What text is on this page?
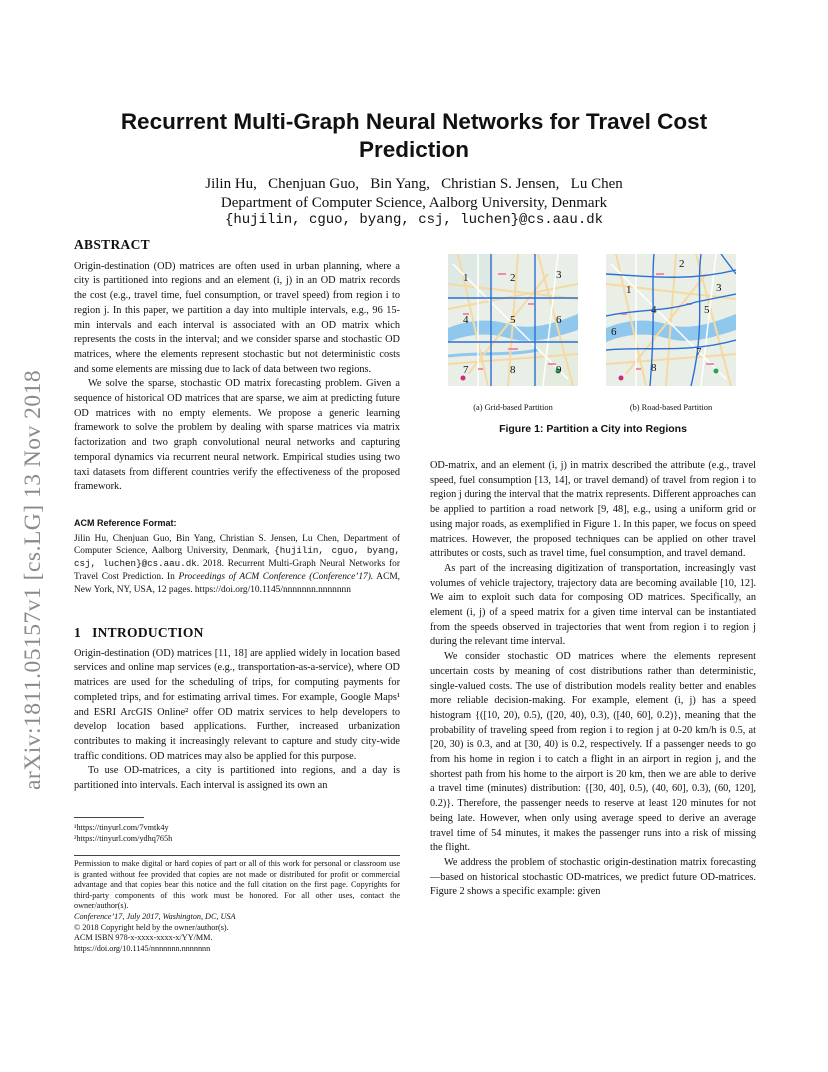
arXiv:1811.05157v1 [cs.LG] 13 Nov 2018
Recurrent Multi-Graph Neural Networks for Travel Cost
Prediction
Jilin Hu,   Chenjuan Guo,   Bin Yang,   Christian S. Jensen,   Lu Chen
Department of Computer Science, Aalborg University, Denmark
{hujilin, cguo, byang, csj, luchen}@cs.aau.dk
ABSTRACT

Origin-destination (OD) matrices are often used in urban planning, where a city is partitioned into regions and an element (i, j) in an OD matrix records the cost (e.g., travel time, fuel consumption, or travel speed) from region i to region j. In this paper, we partition a day into multiple intervals, e.g., 96 15-min intervals and each interval is associated with an OD matrix which represents the costs in the interval; and we consider sparse and stochastic OD matrices, where the elements represent stochastic but not deterministic costs and some elements are missing due to lack of data between two regions.

We solve the sparse, stochastic OD matrix forecasting problem. Given a sequence of historical OD matrices that are sparse, we aim at predicting future OD matrices with no empty elements. We propose a generic learning framework to solve the problem by dealing with sparse matrices via matrix factorization and two graph convolutional neural networks and capturing temporal dynamics via recurrent neural network. Empirical studies using two taxi datasets from different countries verify the effectiveness of the proposed framework.

ACM Reference Format:
Jilin Hu, Chenjuan Guo, Bin Yang, Christian S. Jensen, Lu Chen, Department of Computer Science, Aalborg University, Denmark, {hujilin, cguo, byang, csj, luchen}@cs.aau.dk. 2018. Recurrent Multi-Graph Neural Networks for Travel Cost Prediction. In Proceedings of ACM Conference (Conference’17). ACM, New York, NY, USA, 12 pages. https://doi.org/10.1145/nnnnnnn.nnnnnnn
1   INTRODUCTION

Origin-destination (OD) matrices [11, 18] are applied widely in location based services and online map services (e.g., transportation-as-a-service), where OD matrices are used for the scheduling of trips, for computing payments for completed trips, and for estimating arrival times. For example, Google Maps¹ and ESRI ArcGIS Online² offer OD matrix services to help developers to develop location based applications. Further, increased urbanization contributes to making it increasingly relevant to capture and study city-wide traffic conditions. OD matrices may also be applied for this purpose.

To use OD-matrices, a city is partitioned into regions, and a day is partitioned into intervals. Each interval is assigned its own an

¹https://tinyurl.com/7vmtk4y
²https://tinyurl.com/ydhq765h
Permission to make digital or hard copies of part or all of this work for personal or classroom use is granted without fee provided that copies are not made or distributed for profit or commercial advantage and that copies bear this notice and the full citation on the first page. Copyrights for third-party components of this work must be honored. For all other uses, contact the owner/author(s).
Conference’17, July 2017, Washington, DC, USA
© 2018 Copyright held by the owner/author(s).
ACM ISBN 978-x-xxxx-xxxx-x/YY/MM.
https://doi.org/10.1145/nnnnnnn.nnnnnnn
1	2	3
4	5	6
7	8	9
1
2
3
4	5
6
7
8
(a) Grid-based Partition	(b) Road-based Partition
Figure 1: Partition a City into Regions

OD-matrix, and an element (i, j) in matrix described the attribute (e.g., travel speed, fuel consumption [13, 14], or travel demand) of travel from region i to region j during the interval that the matrix represents. Different approaches can be applied to partition a road network [9, 48], e.g., using a uniform grid or using major roads, as exemplified in Figure 1. In this paper, we focus on speed matrices. However, the proposed techniques can be applied on other travel attributes or costs, such as travel time, fuel consumption, and travel demand.

As part of the increasing digitization of transportation, increasingly vast volumes of vehicle trajectory, trajectory data are becoming available [10, 12]. We aim to exploit such data for composing OD matrices. Specifically, an element (i, j) of a speed matrix for a given time interval can be instantiated from the speeds observed in trajectories that went from region i to region j during the relevant time interval.

We consider stochastic OD matrices where the elements represent uncertain costs by meaning of cost distributions rather than deterministic, single-valued costs. The use of distribution models reality better and enables more reliable decision-making. For example, element (i, j) has a speed histogram {([10, 20), 0.5), ([20, 40), 0.3), ([40, 60], 0.2)}, meaning that the probability of traveling speed from region i to region j at 0-20 km/h is 0.5, at [20, 30) is 0.3, and at [30, 40) is 0.2, respectively. If a passenger needs to go from his home in region i to catch a flight in an airport in region j, and the shortest path from his home to the airport is 20 km, then we are able to derive a travel time (minutes) distribution: {[30, 40], 0.5), (40, 60], 0.3), (60, 120], 0.2)}. Therefore, the passenger needs to reserve at least 120 minutes for not being late. However, when only using average speed to derive an average travel time of 54 minutes, it makes the passenger runs into a risk of missing the flight.

We address the problem of stochastic origin-destination matrix forecasting—based on historical stochastic OD-matrices, we predict future OD-matrices. Figure 2 shows a specific example: given
